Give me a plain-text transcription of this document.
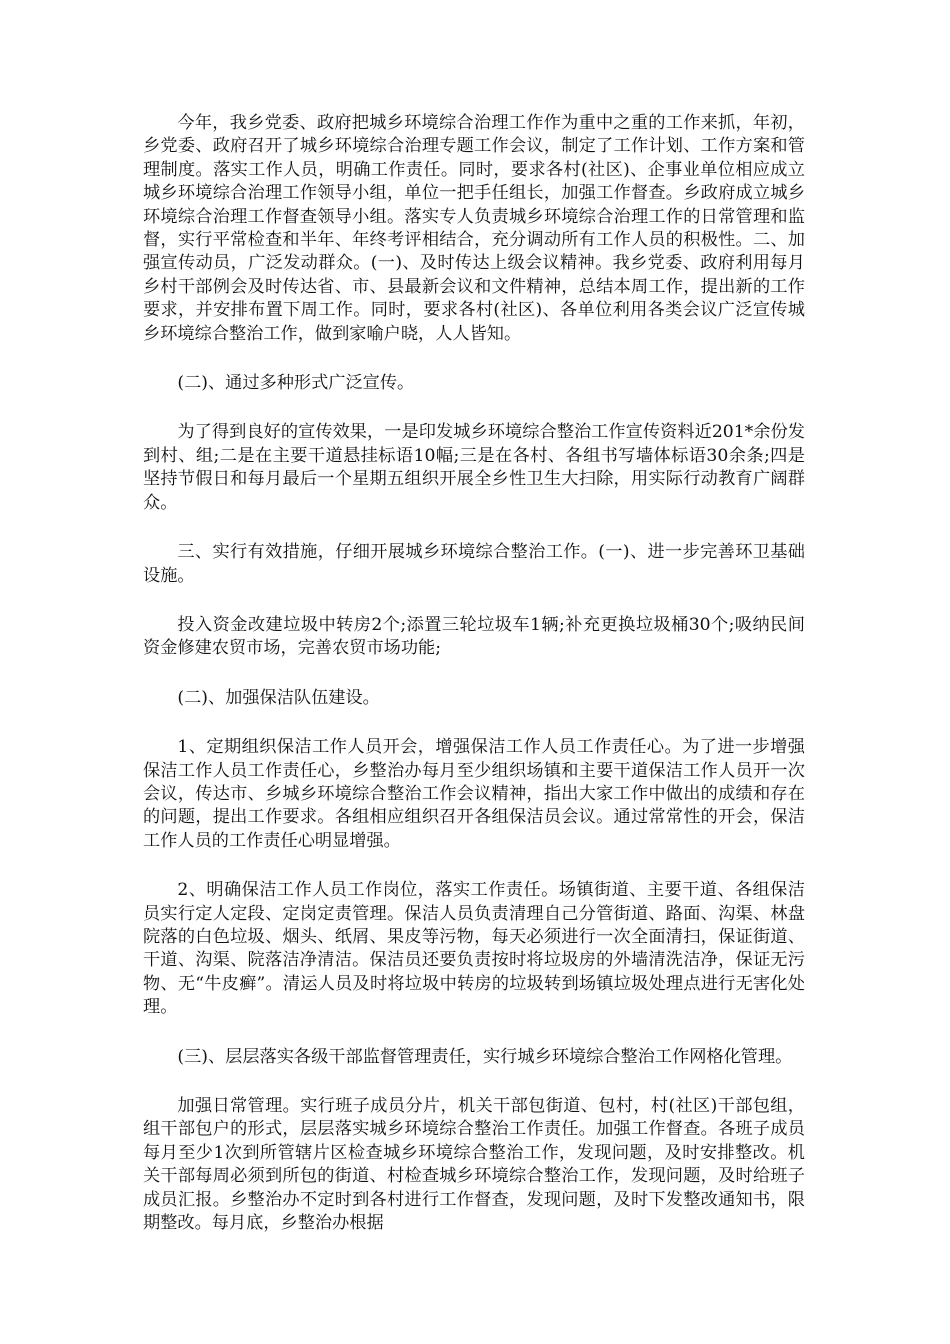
今年，我乡党委、政府把城乡环境综合治理工作作为重中之重的工作来抓，年初，乡党委、政府召开了城乡环境综合治理专题工作会议，制定了工作计划、工作方案和管理制度。落实工作人员，明确工作责任。同时，要求各村(社区)、企事业单位相应成立城乡环境综合治理工作领导小组，单位一把手任组长，加强工作督查。乡政府成立城乡环境综合治理工作督查领导小组。落实专人负责城乡环境综合治理工作的日常管理和监督，实行平常检查和半年、年终考评相结合，充分调动所有工作人员的积极性。二、加强宣传动员，广泛发动群众。(一)、及时传达上级会议精神。我乡党委、政府利用每月乡村干部例会及时传达省、市、县最新会议和文件精神，总结本周工作，提出新的工作要求，并安排布置下周工作。同时，要求各村(社区)、各单位利用各类会议广泛宣传城乡环境综合整治工作，做到家喻户晓，人人皆知。

(二)、通过多种形式广泛宣传。

为了得到良好的宣传效果，一是印发城乡环境综合整治工作宣传资料近201*余份发到村、组;二是在主要干道悬挂标语10幅;三是在各村、各组书写墙体标语30余条;四是坚持节假日和每月最后一个星期五组织开展全乡性卫生大扫除，用实际行动教育广阔群众。

三、实行有效措施，仔细开展城乡环境综合整治工作。(一)、进一步完善环卫基础设施。

投入资金改建垃圾中转房2个;添置三轮垃圾车1辆;补充更换垃圾桶30个;吸纳民间资金修建农贸市场，完善农贸市场功能;

(二)、加强保洁队伍建设。

1、定期组织保洁工作人员开会，增强保洁工作人员工作责任心。为了进一步增强保洁工作人员工作责任心，乡整治办每月至少组织场镇和主要干道保洁工作人员开一次会议，传达市、乡城乡环境综合整治工作会议精神，指出大家工作中做出的成绩和存在的问题，提出工作要求。各组相应组织召开各组保洁员会议。通过常常性的开会，保洁工作人员的工作责任心明显增强。

2、明确保洁工作人员工作岗位，落实工作责任。场镇街道、主要干道、各组保洁员实行定人定段、定岗定责管理。保洁人员负责清理自己分管街道、路面、沟渠、林盘院落的白色垃圾、烟头、纸屑、果皮等污物，每天必须进行一次全面清扫，保证街道、干道、沟渠、院落洁净清洁。保洁员还要负责按时将垃圾房的外墙清洗洁净，保证无污物、无“牛皮癣”。清运人员及时将垃圾中转房的垃圾转到场镇垃圾处理点进行无害化处理。

(三)、层层落实各级干部监督管理责任，实行城乡环境综合整治工作网格化管理。

加强日常管理。实行班子成员分片，机关干部包街道、包村，村(社区)干部包组，组干部包户的形式，层层落实城乡环境综合整治工作责任。加强工作督查。各班子成员每月至少1次到所管辖片区检查城乡环境综合整治工作，发现问题，及时安排整改。机关干部每周必须到所包的街道、村检查城乡环境综合整治工作，发现问题，及时给班子成员汇报。乡整治办不定时到各村进行工作督查，发现问题，及时下发整改通知书，限期整改。每月底，乡整治办根据
